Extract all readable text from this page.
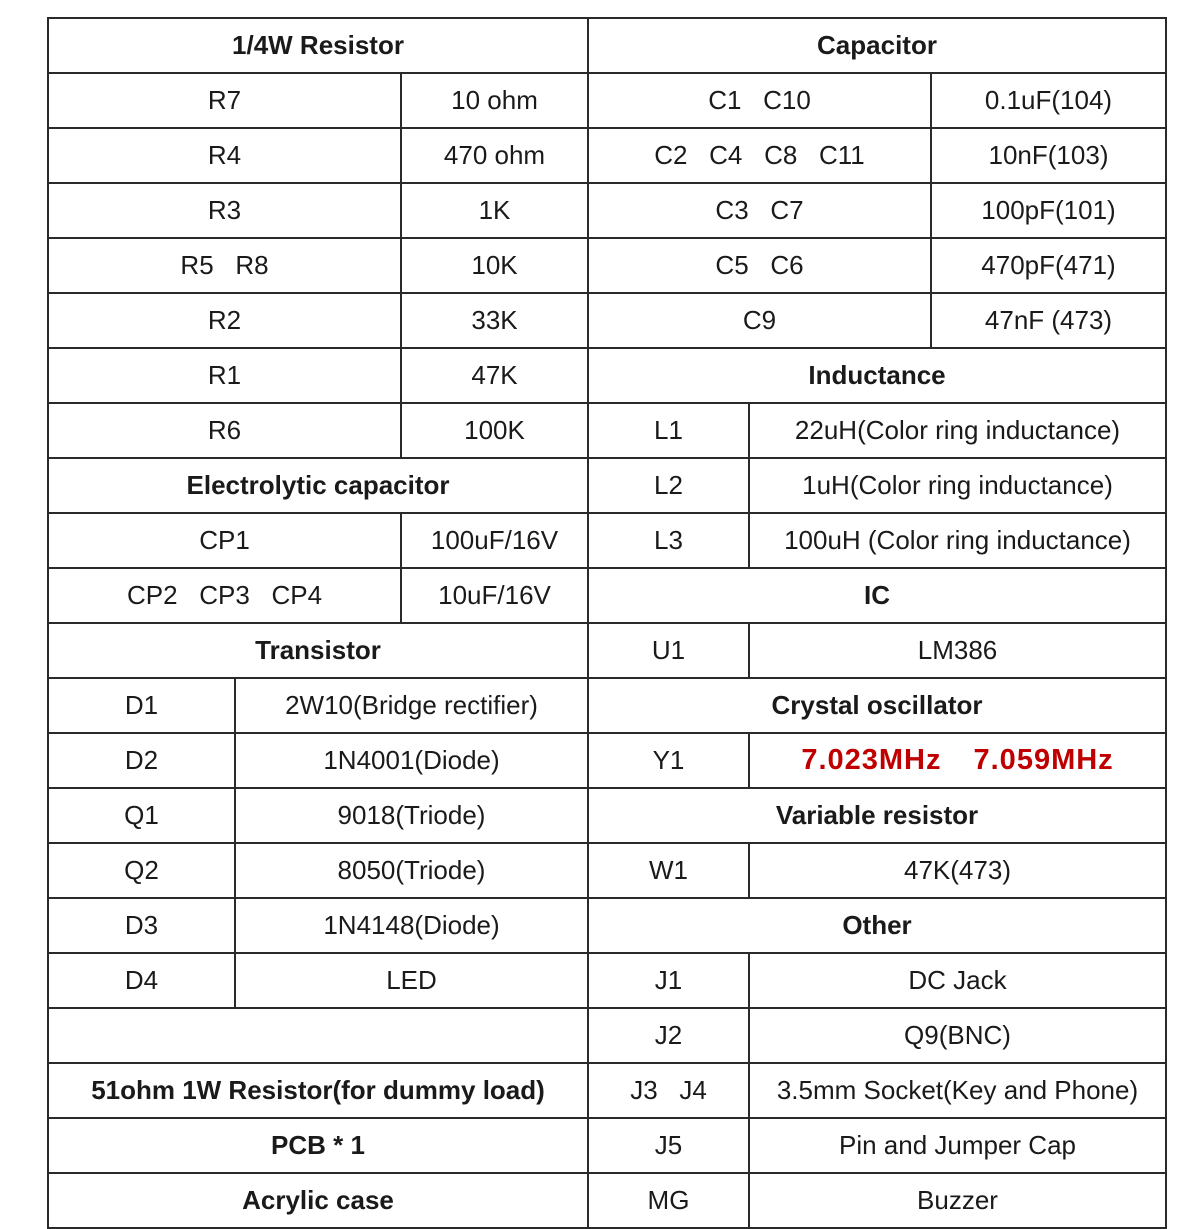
1/4W Resistor			Capacitor		
R7		10 ohm	C1   C10		0.1uF(104)
R4		470 ohm	C2   C4   C8   C11		10nF(103)
R3		1K	C3   C7		100pF(101)
R5   R8		10K	C5   C6		470pF(471)
R2		33K	C9		47nF (473)
R1		47K	Inductance		
R6		100K	L1	22uH(Color ring inductance)	
Electrolytic capacitor			L2	1uH(Color ring inductance)	
CP1		100uF/16V	L3	100uH (Color ring inductance)	
CP2   CP3   CP4		10uF/16V	IC		
Transistor			U1	LM386	
D1	2W10(Bridge rectifier)		Crystal oscillator		
D2	1N4001(Diode)		Y1	7.023MHz 7.059MHz	
Q1	9018(Triode)		Variable resistor		
Q2	8050(Triode)		W1	47K(473)	
D3	1N4148(Diode)		Other		
D4	LED		J1	DC Jack	
			J2	Q9(BNC)	
51ohm 1W Resistor(for dummy load)			J3   J4	3.5mm Socket(Key and Phone)	
PCB * 1			J5	Pin and Jumper Cap	
Acrylic case			MG	Buzzer	
